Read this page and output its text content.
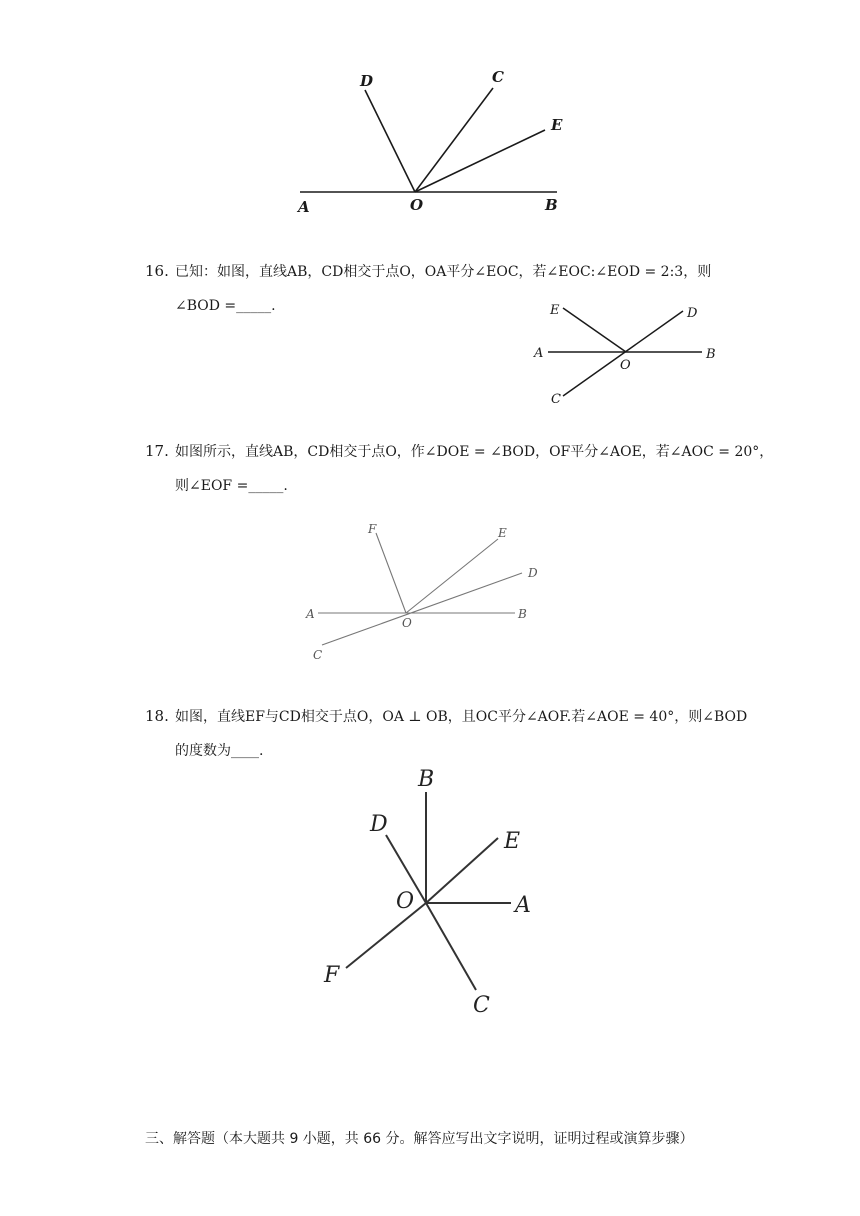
D	C
E
A	O	B
16. 已知：如图，直线AB，CD相交于点O，OA平分∠EOC，若∠EOC:∠EOD = 2:3，则
∠BOD =_____.	E	D
A
O
B
C
17. 如图所示，直线AB，CD相交于点O，作∠DOE = ∠BOD，OF平分∠AOE，若∠AOC = 20°，
则∠EOF =_____.
F	E
D
A
O
B
C
18. 如图，直线EF与CD相交于点O，OA ⊥ OB，且OC平分∠AOF.若∠AOE = 40°，则∠BOD
的度数为____.
B
D
E
O	A
F
C
三、解答题（本大题共 9 小题，共 66 分。解答应写出文字说明，证明过程或演算步骤）
